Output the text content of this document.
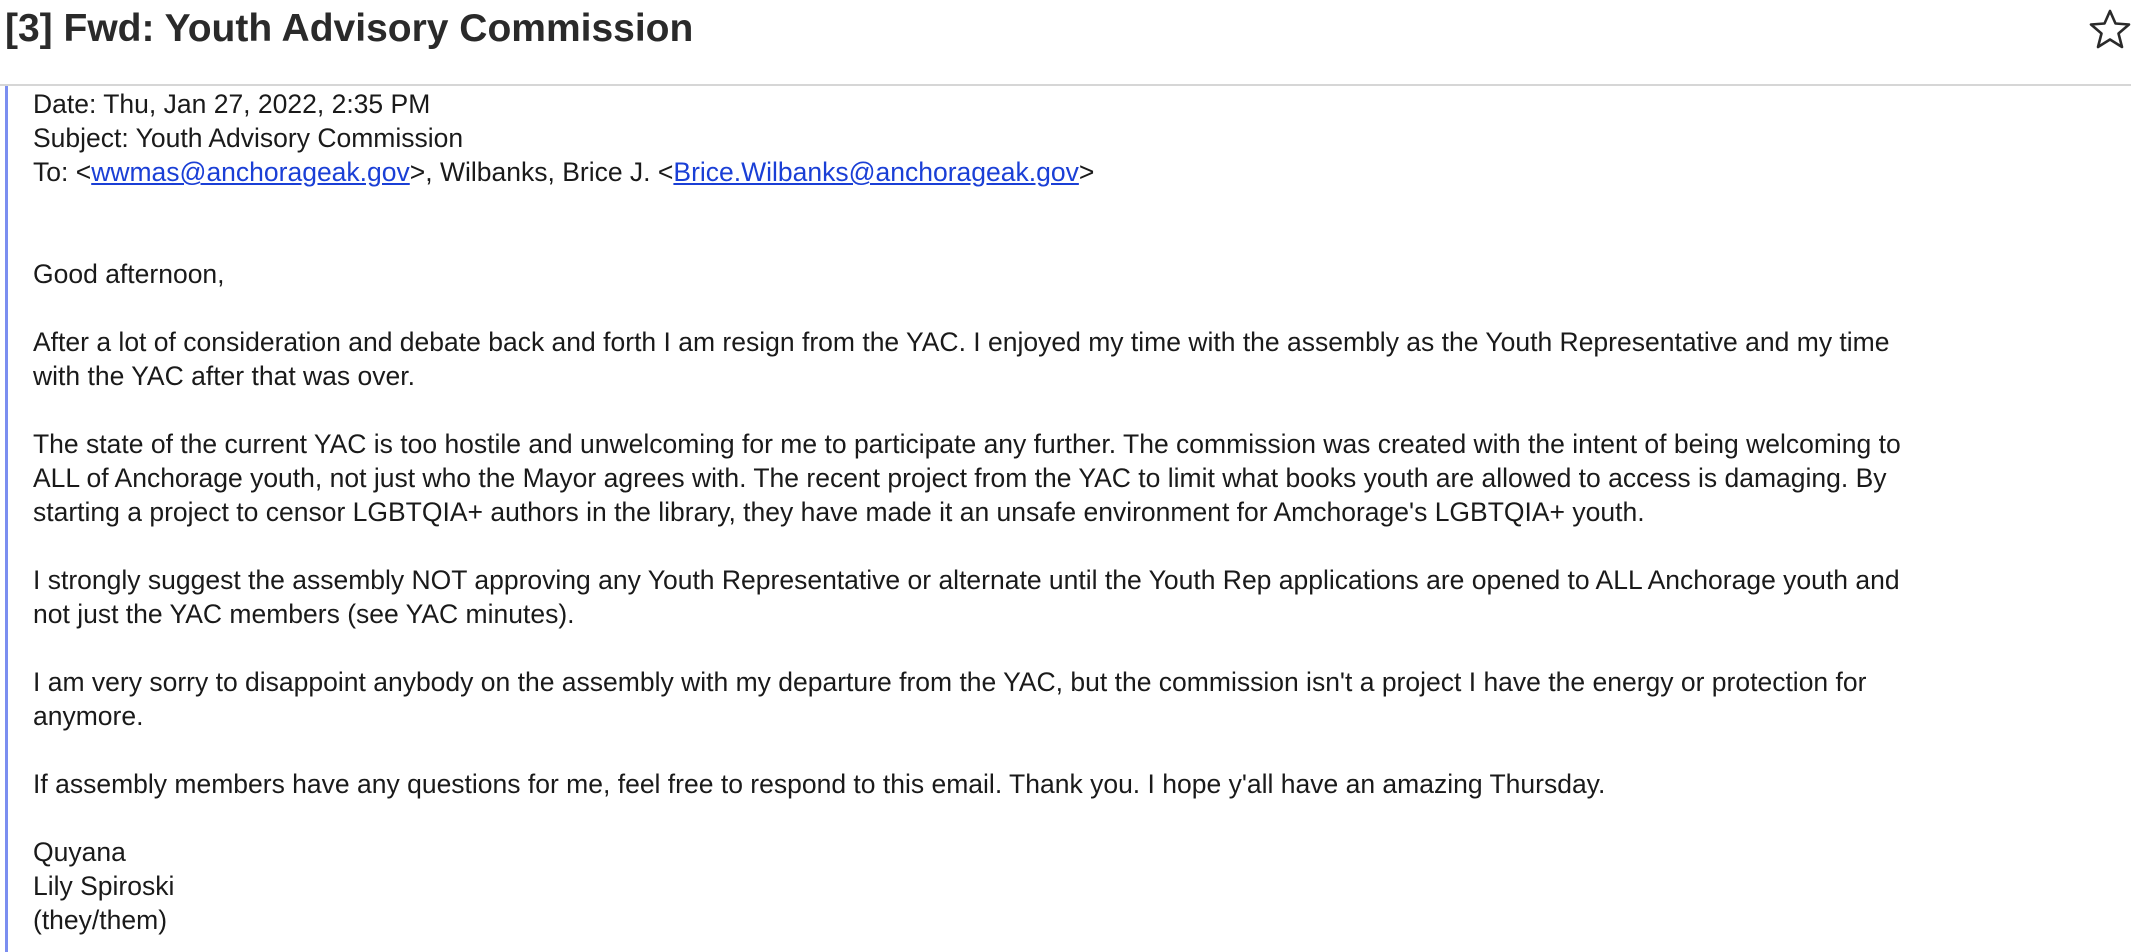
[3] Fwd: Youth Advisory Commission
Date: Thu, Jan 27, 2022, 2:35 PM
Subject: Youth Advisory Commission
To: <wwmas@anchorageak.gov>, Wilbanks, Brice J. <Brice.Wilbanks@anchorageak.gov>
Good afternoon,
After a lot of consideration and debate back and forth I am resign from the YAC. I enjoyed my time with the assembly as the Youth Representative and my time
with the YAC after that was over.
The state of the current YAC is too hostile and unwelcoming for me to participate any further. The commission was created with the intent of being welcoming to
ALL of Anchorage youth, not just who the Mayor agrees with. The recent project from the YAC to limit what books youth are allowed to access is damaging. By
starting a project to censor LGBTQIA+ authors in the library, they have made it an unsafe environment for Amchorage's LGBTQIA+ youth.
I strongly suggest the assembly NOT approving any Youth Representative or alternate until the Youth Rep applications are opened to ALL Anchorage youth and
not just the YAC members (see YAC minutes).
I am very sorry to disappoint anybody on the assembly with my departure from the YAC, but the commission isn't a project I have the energy or protection for
anymore.
If assembly members have any questions for me, feel free to respond to this email. Thank you. I hope y'all have an amazing Thursday.
Quyana
Lily Spiroski
(they/them)
